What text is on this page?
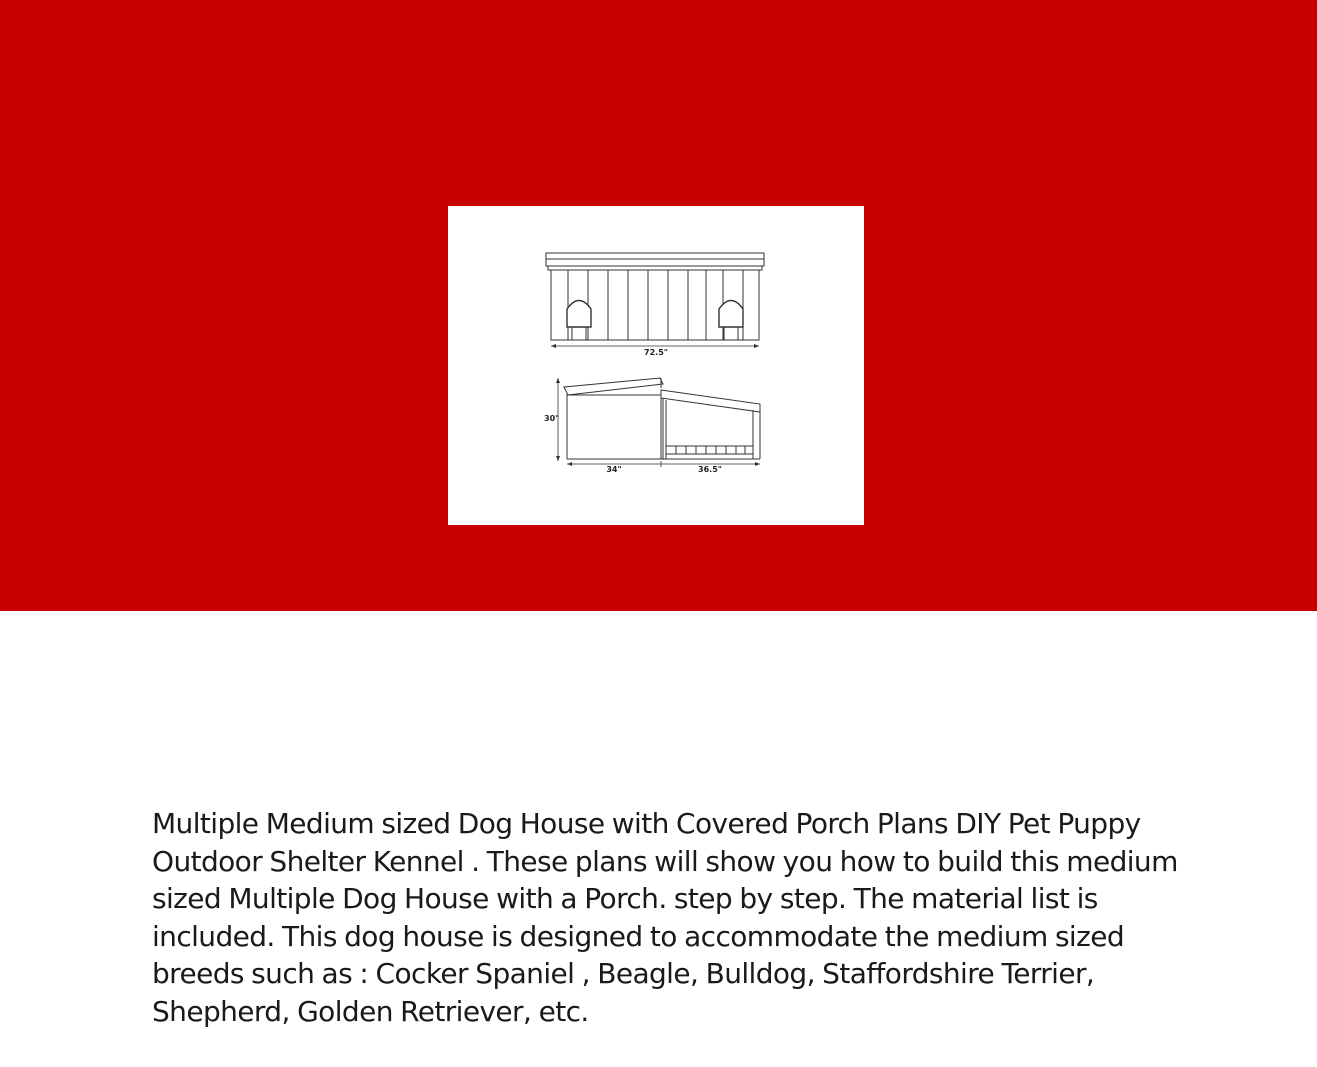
72.5"
30"
34"	36.5"

Multiple Medium sized Dog House with Covered Porch Plans DIY Pet Puppy Outdoor Shelter Kennel . These plans will show you how to build this medium sized Multiple Dog House with a Porch. step by step. The material list is included. This dog house is designed to accommodate the medium sized breeds such as : Cocker Spaniel , Beagle, Bulldog, Staffordshire Terrier, Shepherd, Golden Retriever, etc.
